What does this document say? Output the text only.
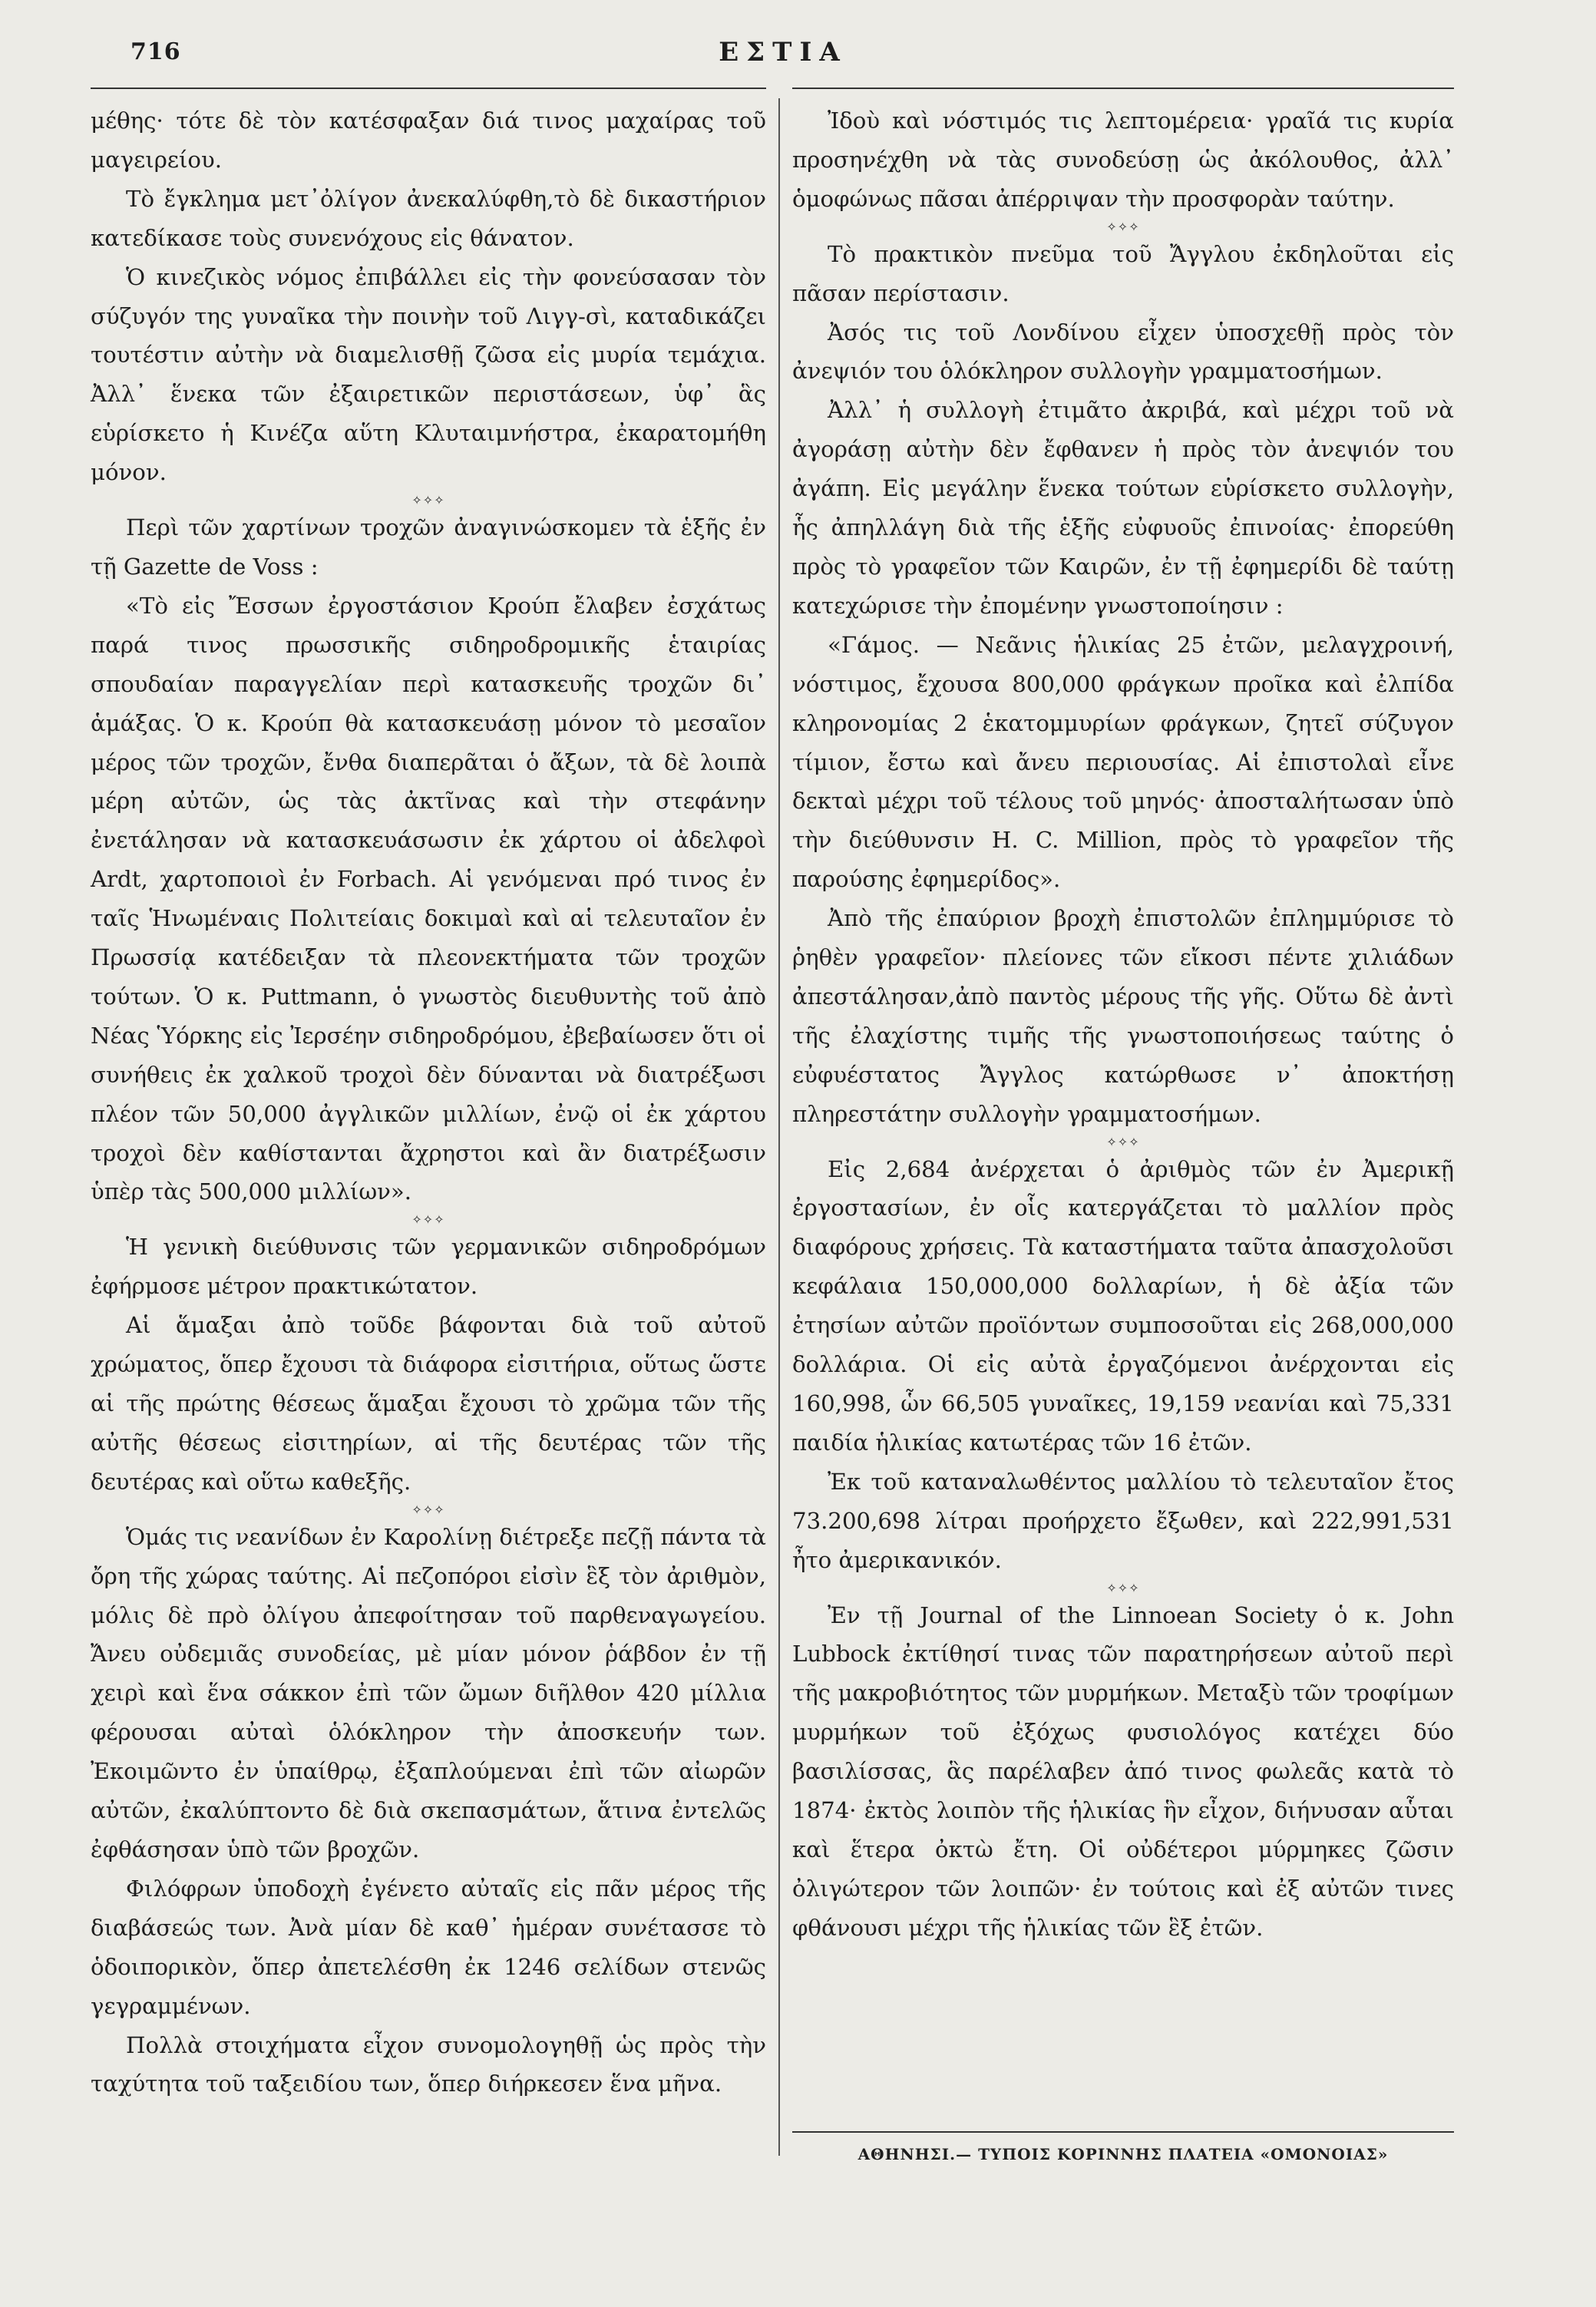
716	ΕΣΤΙΑ

μέθης· τότε δὲ τὸν κατέσφαξαν διά τινος μαχαίρας τοῦ μαγειρείου.

Τὸ ἔγκλημα μετ᾽ὀλίγον ἀνεκαλύφθη,τὸ δὲ δικαστήριον κατεδίκασε τοὺς συνενόχους εἰς θάνατον.

Ὁ κινεζικὸς νόμος ἐπιβάλλει εἰς τὴν φονεύσασαν τὸν σύζυγόν της γυναῖκα τὴν ποινὴν τοῦ Λιγγ-σὶ, καταδικάζει τουτέστιν αὐτὴν νὰ διαμελισθῇ ζῶσα εἰς μυρία τεμάχια. Ἀλλ᾽ ἕνεκα τῶν ἐξαιρετικῶν περιστάσεων, ὑφ᾽ ἃς εὑρίσκετο ἡ Κινέζα αὕτη Κλυταιμνήστρα, ἐκαρατομήθη μόνον.

✧✧✧

Περὶ τῶν χαρτίνων τροχῶν ἀναγινώσκομεν τὰ ἑξῆς ἐν τῇ Gazette de Voss :

«Τὸ εἰς Ἔσσων ἐργοστάσιον Κρούπ ἔλαβεν ἐσχάτως παρά τινος πρωσσικῆς σιδηροδρομικῆς ἑταιρίας σπουδαίαν παραγγελίαν περὶ κατασκευῆς τροχῶν δι᾽ ἁμάξας. Ὁ κ. Κρούπ θὰ κατασκευάσῃ μόνον τὸ μεσαῖον μέρος τῶν τροχῶν, ἔνθα διαπερᾶται ὁ ἄξων, τὰ δὲ λοιπὰ μέρη αὐτῶν, ὡς τὰς ἀκτῖνας καὶ τὴν στεφάνην ἐνετάλησαν νὰ κατασκευάσωσιν ἐκ χάρτου οἱ ἀδελφοὶ Ardt, χαρτοποιοὶ ἐν Forbach. Αἱ γενόμεναι πρό τινος ἐν ταῖς Ἡνωμέναις Πολιτείαις δοκιμαὶ καὶ αἱ τελευταῖον ἐν Πρωσσίᾳ κατέδειξαν τὰ πλεονεκτήματα τῶν τροχῶν τούτων. Ὁ κ. Puttmann, ὁ γνωστὸς διευθυντὴς τοῦ ἀπὸ Νέας Ὑόρκης εἰς Ἰερσέην σιδηροδρόμου, ἐβεβαίωσεν ὅτι οἱ συνήθεις ἐκ χαλκοῦ τροχοὶ δὲν δύνανται νὰ διατρέξωσι πλέον τῶν 50,000 ἀγγλικῶν μιλλίων, ἐνῷ οἱ ἐκ χάρτου τροχοὶ δὲν καθίστανται ἄχρηστοι καὶ ἂν διατρέξωσιν ὑπὲρ τὰς 500,000 μιλλίων».

✧✧✧

Ἡ γενικὴ διεύθυνσις τῶν γερμανικῶν σιδηροδρόμων ἐφήρμοσε μέτρον πρακτικώτατον.

Αἱ ἅμαξαι ἀπὸ τοῦδε βάφονται διὰ τοῦ αὐτοῦ χρώματος, ὅπερ ἔχουσι τὰ διάφορα εἰσιτήρια, οὕτως ὥστε αἱ τῆς πρώτης θέσεως ἅμαξαι ἔχουσι τὸ χρῶμα τῶν τῆς αὐτῆς θέσεως εἰσιτηρίων, αἱ τῆς δευτέρας τῶν τῆς δευτέρας καὶ οὕτω καθεξῆς.

✧✧✧

Ὁμάς τις νεανίδων ἐν Καρολίνῃ διέτρεξε πεζῇ πάντα τὰ ὄρη τῆς χώρας ταύτης. Αἱ πεζοπόροι εἰσὶν ἓξ τὸν ἀριθμὸν, μόλις δὲ πρὸ ὀλίγου ἀπεφοίτησαν τοῦ παρθεναγωγείου. Ἄνευ οὐδεμιᾶς συνοδείας, μὲ μίαν μόνον ῥάβδον ἐν τῇ χειρὶ καὶ ἕνα σάκκον ἐπὶ τῶν ὤμων διῆλθον 420 μίλλια φέρουσαι αὐταὶ ὁλόκληρον τὴν ἀποσκευήν των. Ἐκοιμῶντο ἐν ὑπαίθρῳ, ἐξαπλούμεναι ἐπὶ τῶν αἰωρῶν αὐτῶν, ἐκαλύπτοντο δὲ διὰ σκεπασμάτων, ἅτινα ἐντελῶς ἐφθάσησαν ὑπὸ τῶν βροχῶν.

Φιλόφρων ὑποδοχὴ ἐγένετο αὐταῖς εἰς πᾶν μέρος τῆς διαβάσεώς των. Ἀνὰ μίαν δὲ καθ᾽ ἡμέραν συνέτασσε τὸ ὁδοιπορικὸν, ὅπερ ἀπετελέσθη ἐκ 1246 σελίδων στενῶς γεγραμμένων.

Πολλὰ στοιχήματα εἶχον συνομολογηθῇ ὡς πρὸς τὴν ταχύτητα τοῦ ταξειδίου των, ὅπερ διήρκεσεν ἕνα μῆνα.

Ἰδοὺ καὶ νόστιμός τις λεπτομέρεια· γραῖά τις κυρία προσηνέχθη νὰ τὰς συνοδεύσῃ ὡς ἀκόλουθος, ἀλλ᾽ ὁμοφώνως πᾶσαι ἀπέρριψαν τὴν προσφορὰν ταύτην.

✧✧✧

Τὸ πρακτικὸν πνεῦμα τοῦ Ἄγγλου ἐκδηλοῦται εἰς πᾶσαν περίστασιν.

Ἀσός τις τοῦ Λονδίνου εἶχεν ὑποσχεθῇ πρὸς τὸν ἀνεψιόν του ὁλόκληρον συλλογὴν γραμματοσήμων.

Ἀλλ᾽ ἡ συλλογὴ ἐτιμᾶτο ἀκριβά, καὶ μέχρι τοῦ νὰ ἀγοράσῃ αὐτὴν δὲν ἔφθανεν ἡ πρὸς τὸν ἀνεψιόν του ἀγάπη. Εἰς μεγάλην ἕνεκα τούτων εὑρίσκετο συλλογὴν, ἧς ἀπηλλάγη διὰ τῆς ἑξῆς εὐφυοῦς ἐπινοίας· ἐπορεύθη πρὸς τὸ γραφεῖον τῶν Καιρῶν, ἐν τῇ ἐφημερίδι δὲ ταύτῃ κατεχώρισε τὴν ἐπομένην γνωστοποίησιν :

«Γάμος. — Νεᾶνις ἡλικίας 25 ἐτῶν, μελαγχροινή, νόστιμος, ἔχουσα 800,000 φράγκων προῖκα καὶ ἐλπίδα κληρονομίας 2 ἑκατομμυρίων φράγκων, ζητεῖ σύζυγον τίμιον, ἔστω καὶ ἄνευ περιουσίας. Αἱ ἐπιστολαὶ εἶνε δεκταὶ μέχρι τοῦ τέλους τοῦ μηνός· ἀποσταλήτωσαν ὑπὸ τὴν διεύθυνσιν H. C. Million, πρὸς τὸ γραφεῖον τῆς παρούσης ἐφημερίδος».

Ἀπὸ τῆς ἐπαύριον βροχὴ ἐπιστολῶν ἐπλημμύρισε τὸ ῥηθὲν γραφεῖον· πλείονες τῶν εἴκοσι πέντε χιλιάδων ἀπεστάλησαν,ἀπὸ παντὸς μέρους τῆς γῆς. Οὕτω δὲ ἀντὶ τῆς ἐλαχίστης τιμῆς τῆς γνωστοποιήσεως ταύτης ὁ εὐφυέστατος Ἄγγλος κατώρθωσε ν᾽ ἀποκτήσῃ πληρεστάτην συλλογὴν γραμματοσήμων.

✧✧✧

Εἰς 2,684 ἀνέρχεται ὁ ἀριθμὸς τῶν ἐν Ἀμερικῇ ἐργοστασίων, ἐν οἷς κατεργάζεται τὸ μαλλίον πρὸς διαφόρους χρήσεις. Τὰ καταστήματα ταῦτα ἀπασχολοῦσι κεφάλαια 150,000,000 δολλαρίων, ἡ δὲ ἀξία τῶν ἐτησίων αὐτῶν προϊόντων συμποσοῦται εἰς 268,000,000 δολλάρια. Οἱ εἰς αὐτὰ ἐργαζόμενοι ἀνέρχονται εἰς 160,998, ὧν 66,505 γυναῖκες, 19,159 νεανίαι καὶ 75,331 παιδία ἡλικίας κατωτέρας τῶν 16 ἐτῶν.

Ἐκ τοῦ καταναλωθέντος μαλλίου τὸ τελευταῖον ἔτος 73.200,698 λίτραι προήρχετο ἔξωθεν, καὶ 222,991,531 ἦτο ἀμερικανικόν.

✧✧✧

Ἐν τῇ Journal of the Linnoean Society ὁ κ. John Lubbock ἐκτίθησί τινας τῶν παρατηρήσεων αὐτοῦ περὶ τῆς μακροβιότητος τῶν μυρμήκων. Μεταξὺ τῶν τροφίμων μυρμήκων τοῦ ἐξόχως φυσιολόγος κατέχει δύο βασιλίσσας, ἃς παρέλαβεν ἀπό τινος φωλεᾶς κατὰ τὸ 1874· ἐκτὸς λοιπὸν τῆς ἡλικίας ἣν εἶχον, διήνυσαν αὗται καὶ ἕτερα ὀκτὼ ἔτη. Οἱ οὐδέτεροι μύρμηκες ζῶσιν ὀλιγώτερον τῶν λοιπῶν· ἐν τούτοις καὶ ἐξ αὐτῶν τινες φθάνουσι μέχρι τῆς ἡλικίας τῶν ἓξ ἐτῶν.

ΑΘΗΝΗΣΙ.— ΤΥΠΟΙΣ ΚΟΡΙΝΝΗΣ ΠΛΑΤΕΙΑ «ΟΜΟΝΟΙΑΣ»
